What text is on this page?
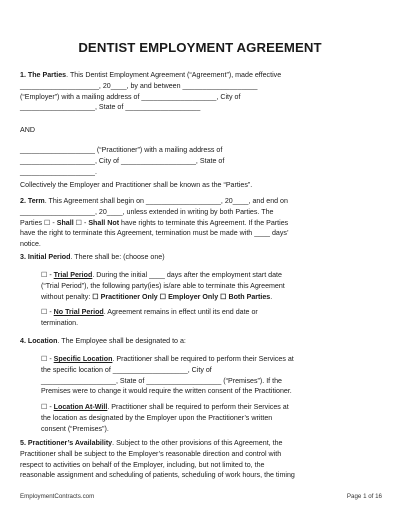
DENTIST EMPLOYMENT AGREEMENT
1. The Parties. This Dentist Employment Agreement (“Agreement”), made effective
____________________, 20____, by and between ___________________
(“Employer”) with a mailing address of ___________________, City of
___________________, State of ___________________
AND
___________________ (“Practitioner”) with a mailing address of
___________________, City of ___________________, State of
___________________.
Collectively the Employer and Practitioner shall be known as the “Parties”.
2. Term. This Agreement shall begin on ___________________, 20____, and end on
___________________, 20____, unless extended in writing by both Parties. The
Parties ☐ - Shall ☐ - Shall Not have rights to terminate this Agreement. If the Parties
have the right to terminate this Agreement, termination must be made with ____ days’
notice.
3. Initial Period. There shall be: (choose one)
☐ - Trial Period. During the initial ____ days after the employment start date
(“Trial Period”), the following party(ies) is/are able to terminate this Agreement
without penalty: ☐ Practitioner Only ☐ Employer Only ☐ Both Parties.
☐ - No Trial Period. Agreement remains in effect until its end date or
termination.
4. Location. The Employee shall be designated to a:
☐ - Specific Location. Practitioner shall be required to perform their Services at
the specific location of ___________________, City of
___________________, State of ___________________ (“Premises”). If the
Premises were to change it would require the written consent of the Practitioner.
☐ - Location At-Will. Practitioner shall be required to perform their Services at
the location as designated by the Employer upon the Practitioner’s written
consent (“Premises”).
5. Practitioner’s Availability. Subject to the other provisions of this Agreement, the
Practitioner shall be subject to the Employer’s reasonable direction and control with
respect to activities on behalf of the Employer, including, but not limited to, the
reasonable assignment and scheduling of patients, scheduling of work hours, the timing
EmploymentContracts.com	Page 1 of 16
